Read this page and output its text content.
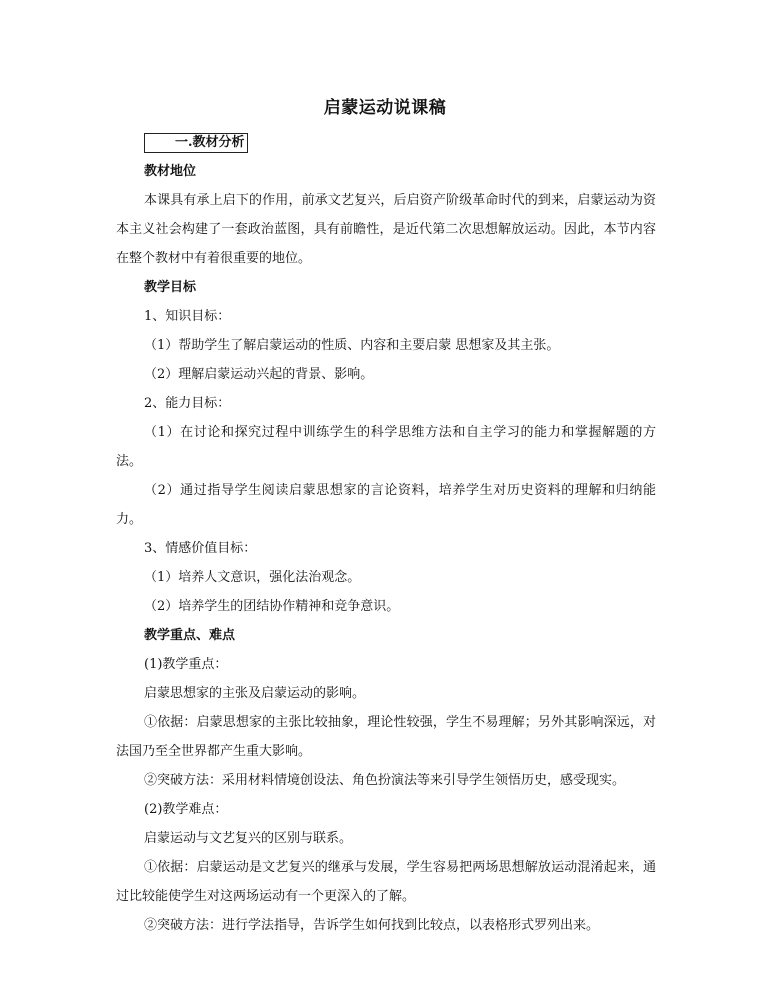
启蒙运动说课稿

一.教材分析

教材地位

本课具有承上启下的作用，前承文艺复兴，后启资产阶级革命时代的到来，启蒙运动为资本主义社会构建了一套政治蓝图，具有前瞻性，是近代第二次思想解放运动。因此，本节内容在整个教材中有着很重要的地位。

教学目标

1、知识目标：

（1）帮助学生了解启蒙运动的性质、内容和主要启蒙 思想家及其主张。

（2）理解启蒙运动兴起的背景、影响。

2、能力目标：

（1）在讨论和探究过程中训练学生的科学思维方法和自主学习的能力和掌握解题的方法。

（2）通过指导学生阅读启蒙思想家的言论资料，培养学生对历史资料的理解和归纳能力。

3、情感价值目标：

（1）培养人文意识，强化法治观念。

（2）培养学生的团结协作精神和竞争意识。

教学重点、难点

(1)教学重点：

启蒙思想家的主张及启蒙运动的影响。

①依据：启蒙思想家的主张比较抽象，理论性较强，学生不易理解；另外其影响深远，对法国乃至全世界都产生重大影响。

②突破方法：采用材料情境创设法、角色扮演法等来引导学生领悟历史，感受现实。

(2)教学难点：

启蒙运动与文艺复兴的区别与联系。

①依据：启蒙运动是文艺复兴的继承与发展，学生容易把两场思想解放运动混淆起来，通过比较能使学生对这两场运动有一个更深入的了解。

②突破方法：进行学法指导，告诉学生如何找到比较点，以表格形式罗列出来。
